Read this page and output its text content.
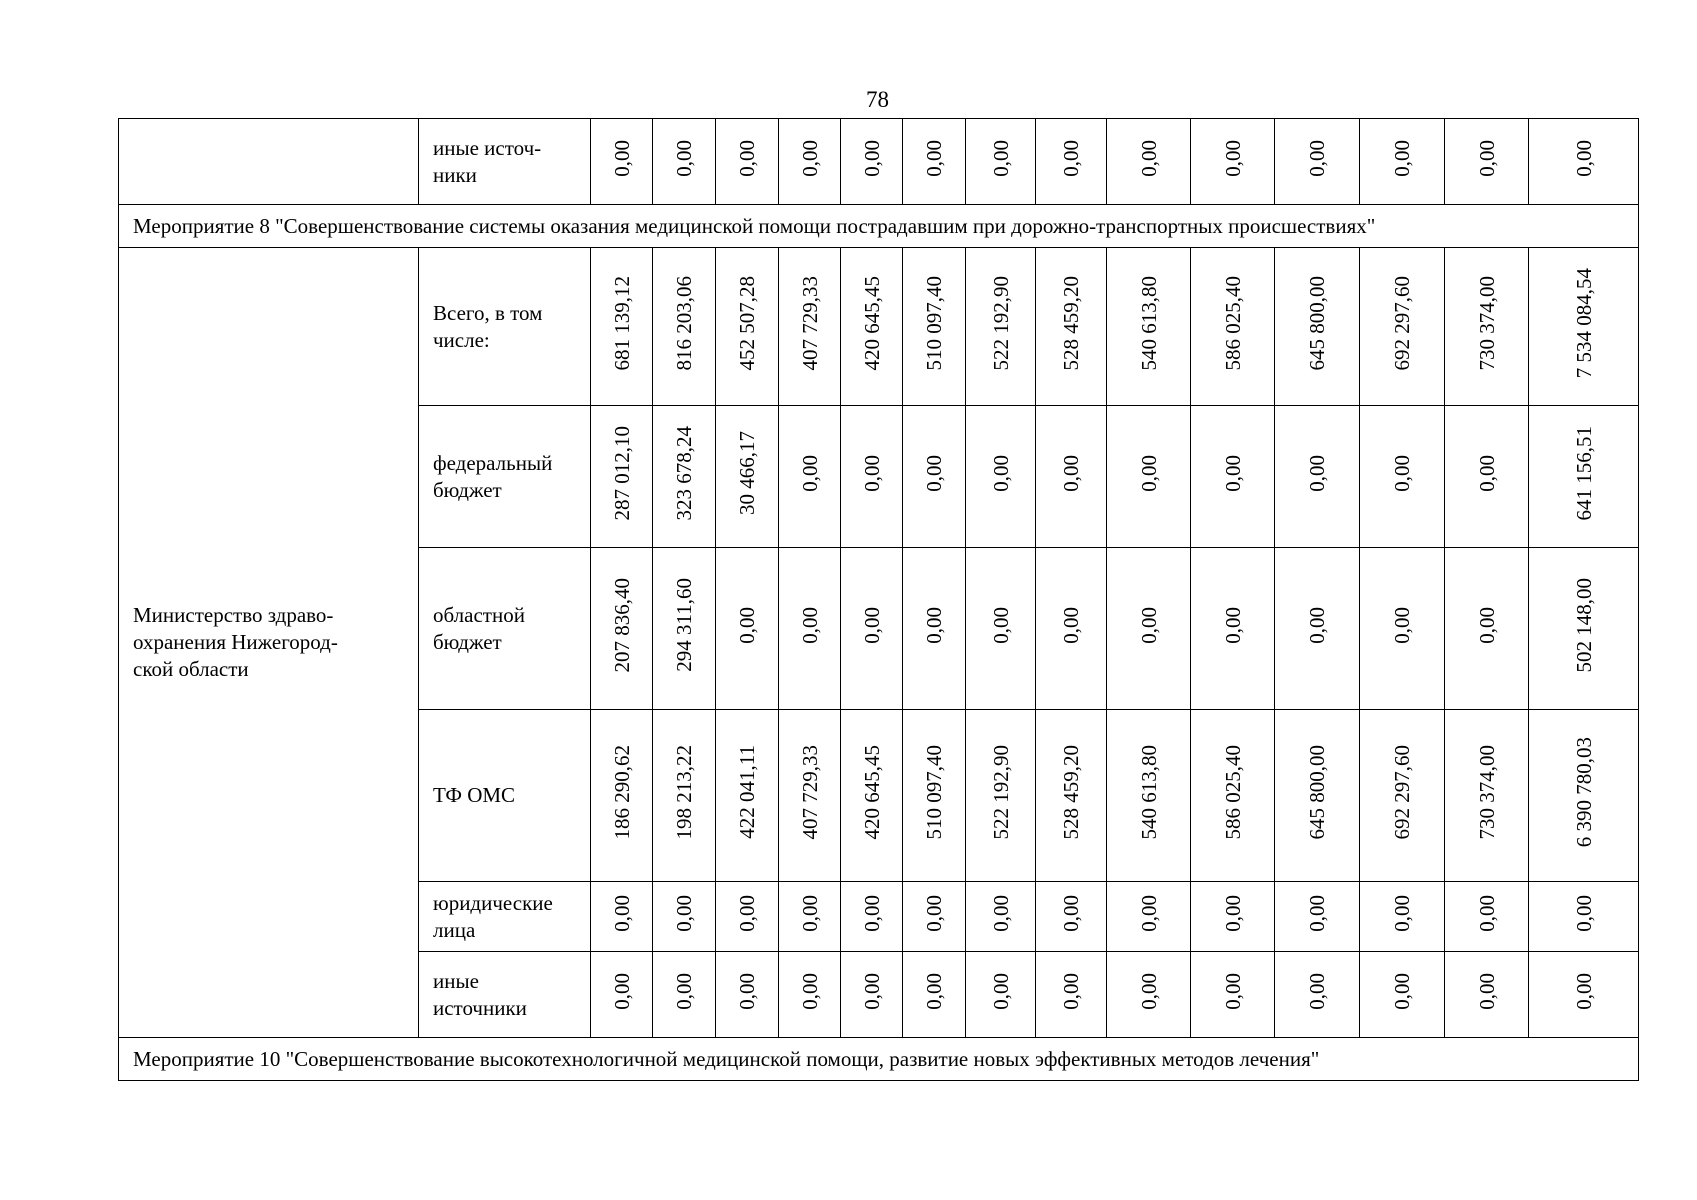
78
	иные источ-
ники	0,00	0,00	0,00	0,00	0,00	0,00	0,00	0,00	0,00	0,00	0,00	0,00	0,00	0,00
Мероприятие 8 "Совершенствование системы оказания медицинской помощи пострадавшим при дорожно-транспортных происшествиях"															
Министерство здраво-
охранения Нижегород-
ской области	Всего, в том
числе:	681 139,12	816 203,06	452 507,28	407 729,33	420 645,45	510 097,40	522 192,90	528 459,20	540 613,80	586 025,40	645 800,00	692 297,60	730 374,00	7 534 084,54
	федеральный
бюджет	287 012,10	323 678,24	30 466,17	0,00	0,00	0,00	0,00	0,00	0,00	0,00	0,00	0,00	0,00	641 156,51
	областной
бюджет	207 836,40	294 311,60	0,00	0,00	0,00	0,00	0,00	0,00	0,00	0,00	0,00	0,00	0,00	502 148,00
	ТФ ОМС	186 290,62	198 213,22	422 041,11	407 729,33	420 645,45	510 097,40	522 192,90	528 459,20	540 613,80	586 025,40	645 800,00	692 297,60	730 374,00	6 390 780,03
	юридические
лица	0,00	0,00	0,00	0,00	0,00	0,00	0,00	0,00	0,00	0,00	0,00	0,00	0,00	0,00
	иные
источники	0,00	0,00	0,00	0,00	0,00	0,00	0,00	0,00	0,00	0,00	0,00	0,00	0,00	0,00
Мероприятие 10 "Совершенствование высокотехнологичной медицинской помощи, развитие новых эффективных методов лечения"															
